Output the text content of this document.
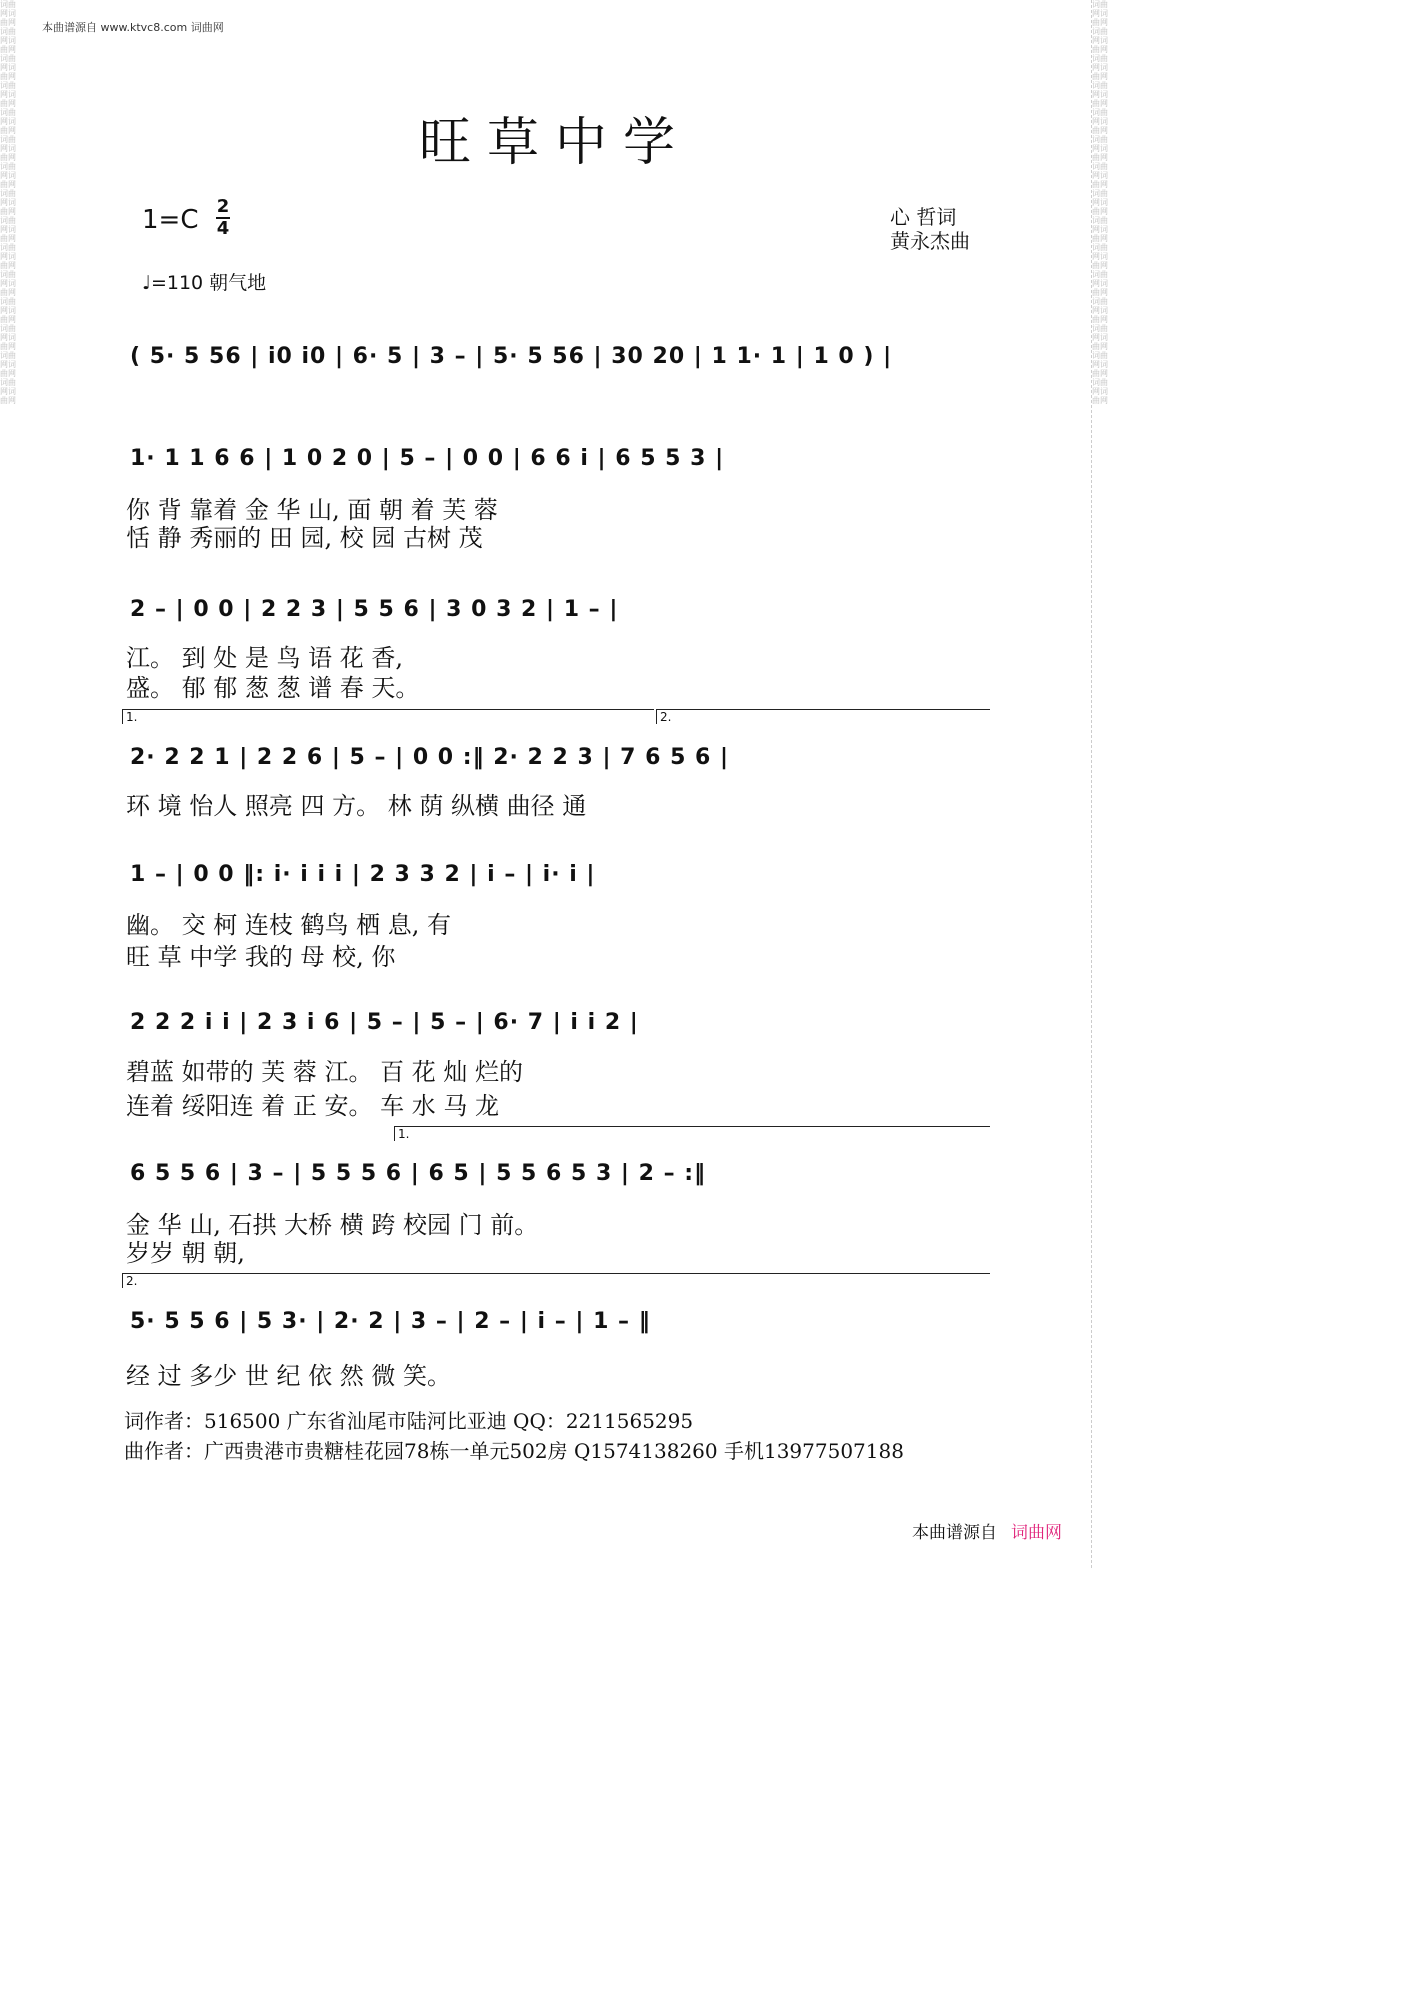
本曲谱源自 www.ktvc8.com 词曲网
词曲网词曲网词曲网词曲网词曲网词曲网词曲网词曲网词曲网词曲网词曲网词曲网词曲网词曲网词曲网词曲网词曲网词曲网词曲网词曲网词曲网词曲网词曲网词曲网词曲网词曲网词曲网词曲网词曲网词曲网
词曲网词曲网词曲网词曲网词曲网词曲网词曲网词曲网词曲网词曲网词曲网词曲网词曲网词曲网词曲网词曲网词曲网词曲网词曲网词曲网词曲网词曲网词曲网词曲网词曲网词曲网词曲网词曲网词曲网词曲网
旺草中学
1=C 2
4
♩=110 朝气地
心 哲词
黄永杰曲
( 5· 5 56 | i0 i0 | 6· 5 | 3 – | 5· 5 56 | 30 20 | 1 1· 1 | 1 0 ) |
1· 1 1 6 6 | 1 0 2 0 | 5 – | 0 0 | 6 6 i | 6 5 5 3 |
你 背 靠着 金 华 山, 面 朝 着 芙 蓉
恬 静 秀丽的 田 园, 校 园 古树 茂
2 – | 0 0 | 2 2 3 | 5 5 6 | 3 0 3 2 | 1 – |
江。 到 处 是 鸟 语 花 香,
盛。 郁 郁 葱 葱 谱 春 天。
1.	2.
2· 2 2 1 | 2 2 6 | 5 – | 0 0 :‖ 2· 2 2 3 | 7 6 5 6 |
环 境 怡人 照亮 四 方。 林 荫 纵横 曲径 通
1 – | 0 0 ‖: i· i i i | 2 3 3 2 | i – | i· i |
幽。 交 柯 连枝 鹤鸟 栖 息, 有
旺 草 中学 我的 母 校, 你
2 2 2 i i | 2 3 i 6 | 5 – | 5 – | 6· 7 | i i 2 |
碧蓝 如带的 芙 蓉 江。 百 花 灿 烂的
连着 绥阳连 着 正 安。 车 水 马 龙
1.
6 5 5 6 | 3 – | 5 5 5 6 | 6 5 | 5 5 6 5 3 | 2 – :‖
金 华 山, 石拱 大桥 横 跨 校园 门 前。
岁岁 朝 朝,
2.
5· 5 5 6 | 5 3· | 2· 2 | 3 – | 2 – | i – | 1 – ‖
经 过 多少 世 纪 依 然 微 笑。
词作者：516500 广东省汕尾市陆河比亚迪 QQ：2211565295
曲作者：广西贵港市贵糖桂花园78栋一单元502房 Q1574138260 手机13977507188
本曲谱源自 词曲网
